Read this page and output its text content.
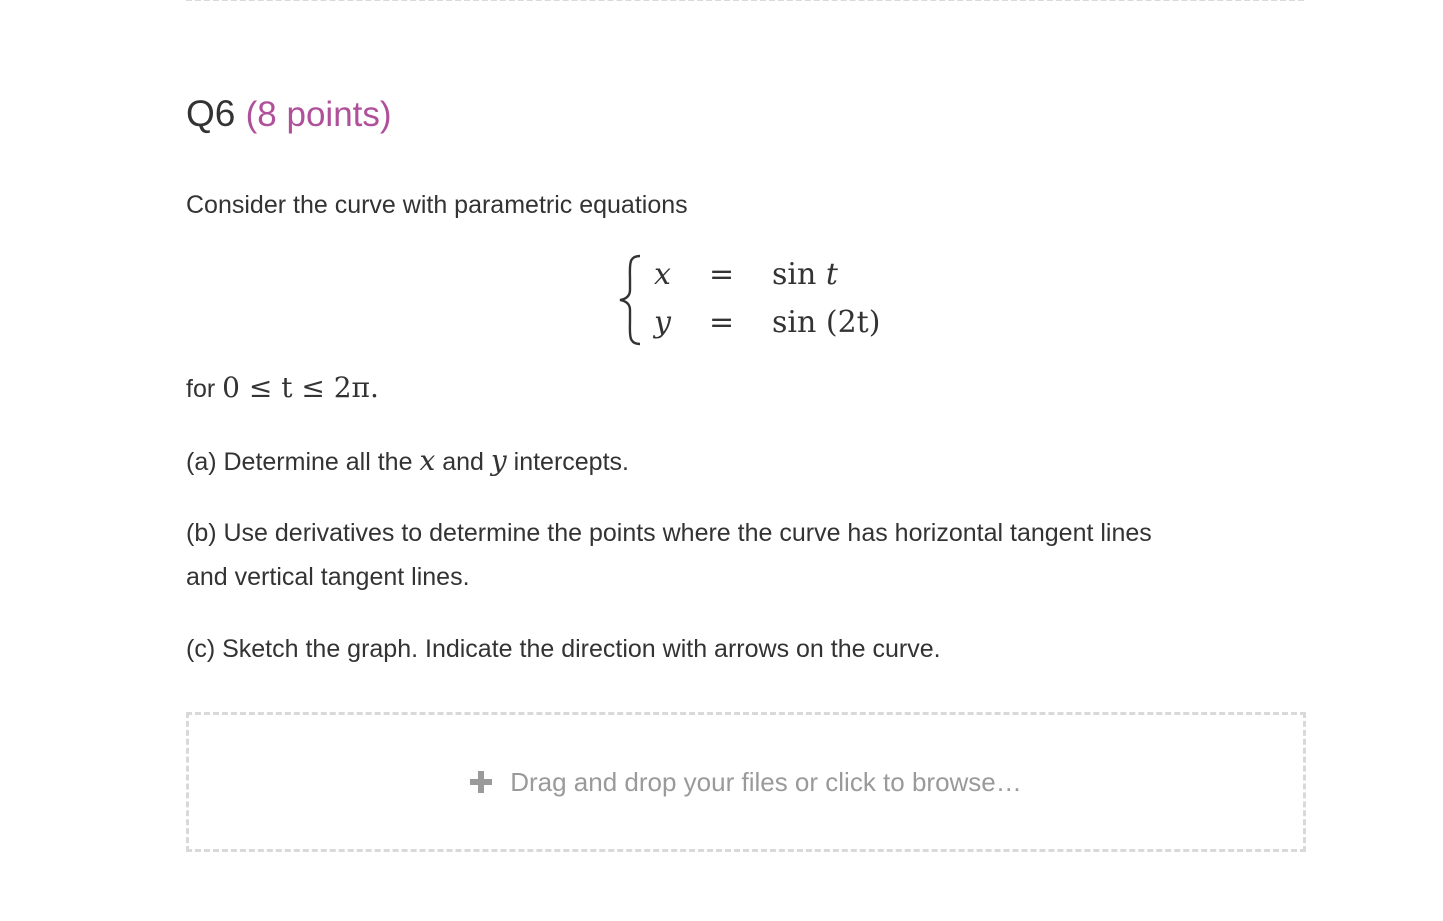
Q6 (8 points)

Consider the curve with parametric equations

x = sin t
y = sin (2t)

for 0 ≤ t ≤ 2π.

(a) Determine all the x and y intercepts.

(b) Use derivatives to determine the points where the curve has horizontal tangent lines

and vertical tangent lines.

(c) Sketch the graph. Indicate the direction with arrows on the curve.

Drag and drop your files or click to browse…
